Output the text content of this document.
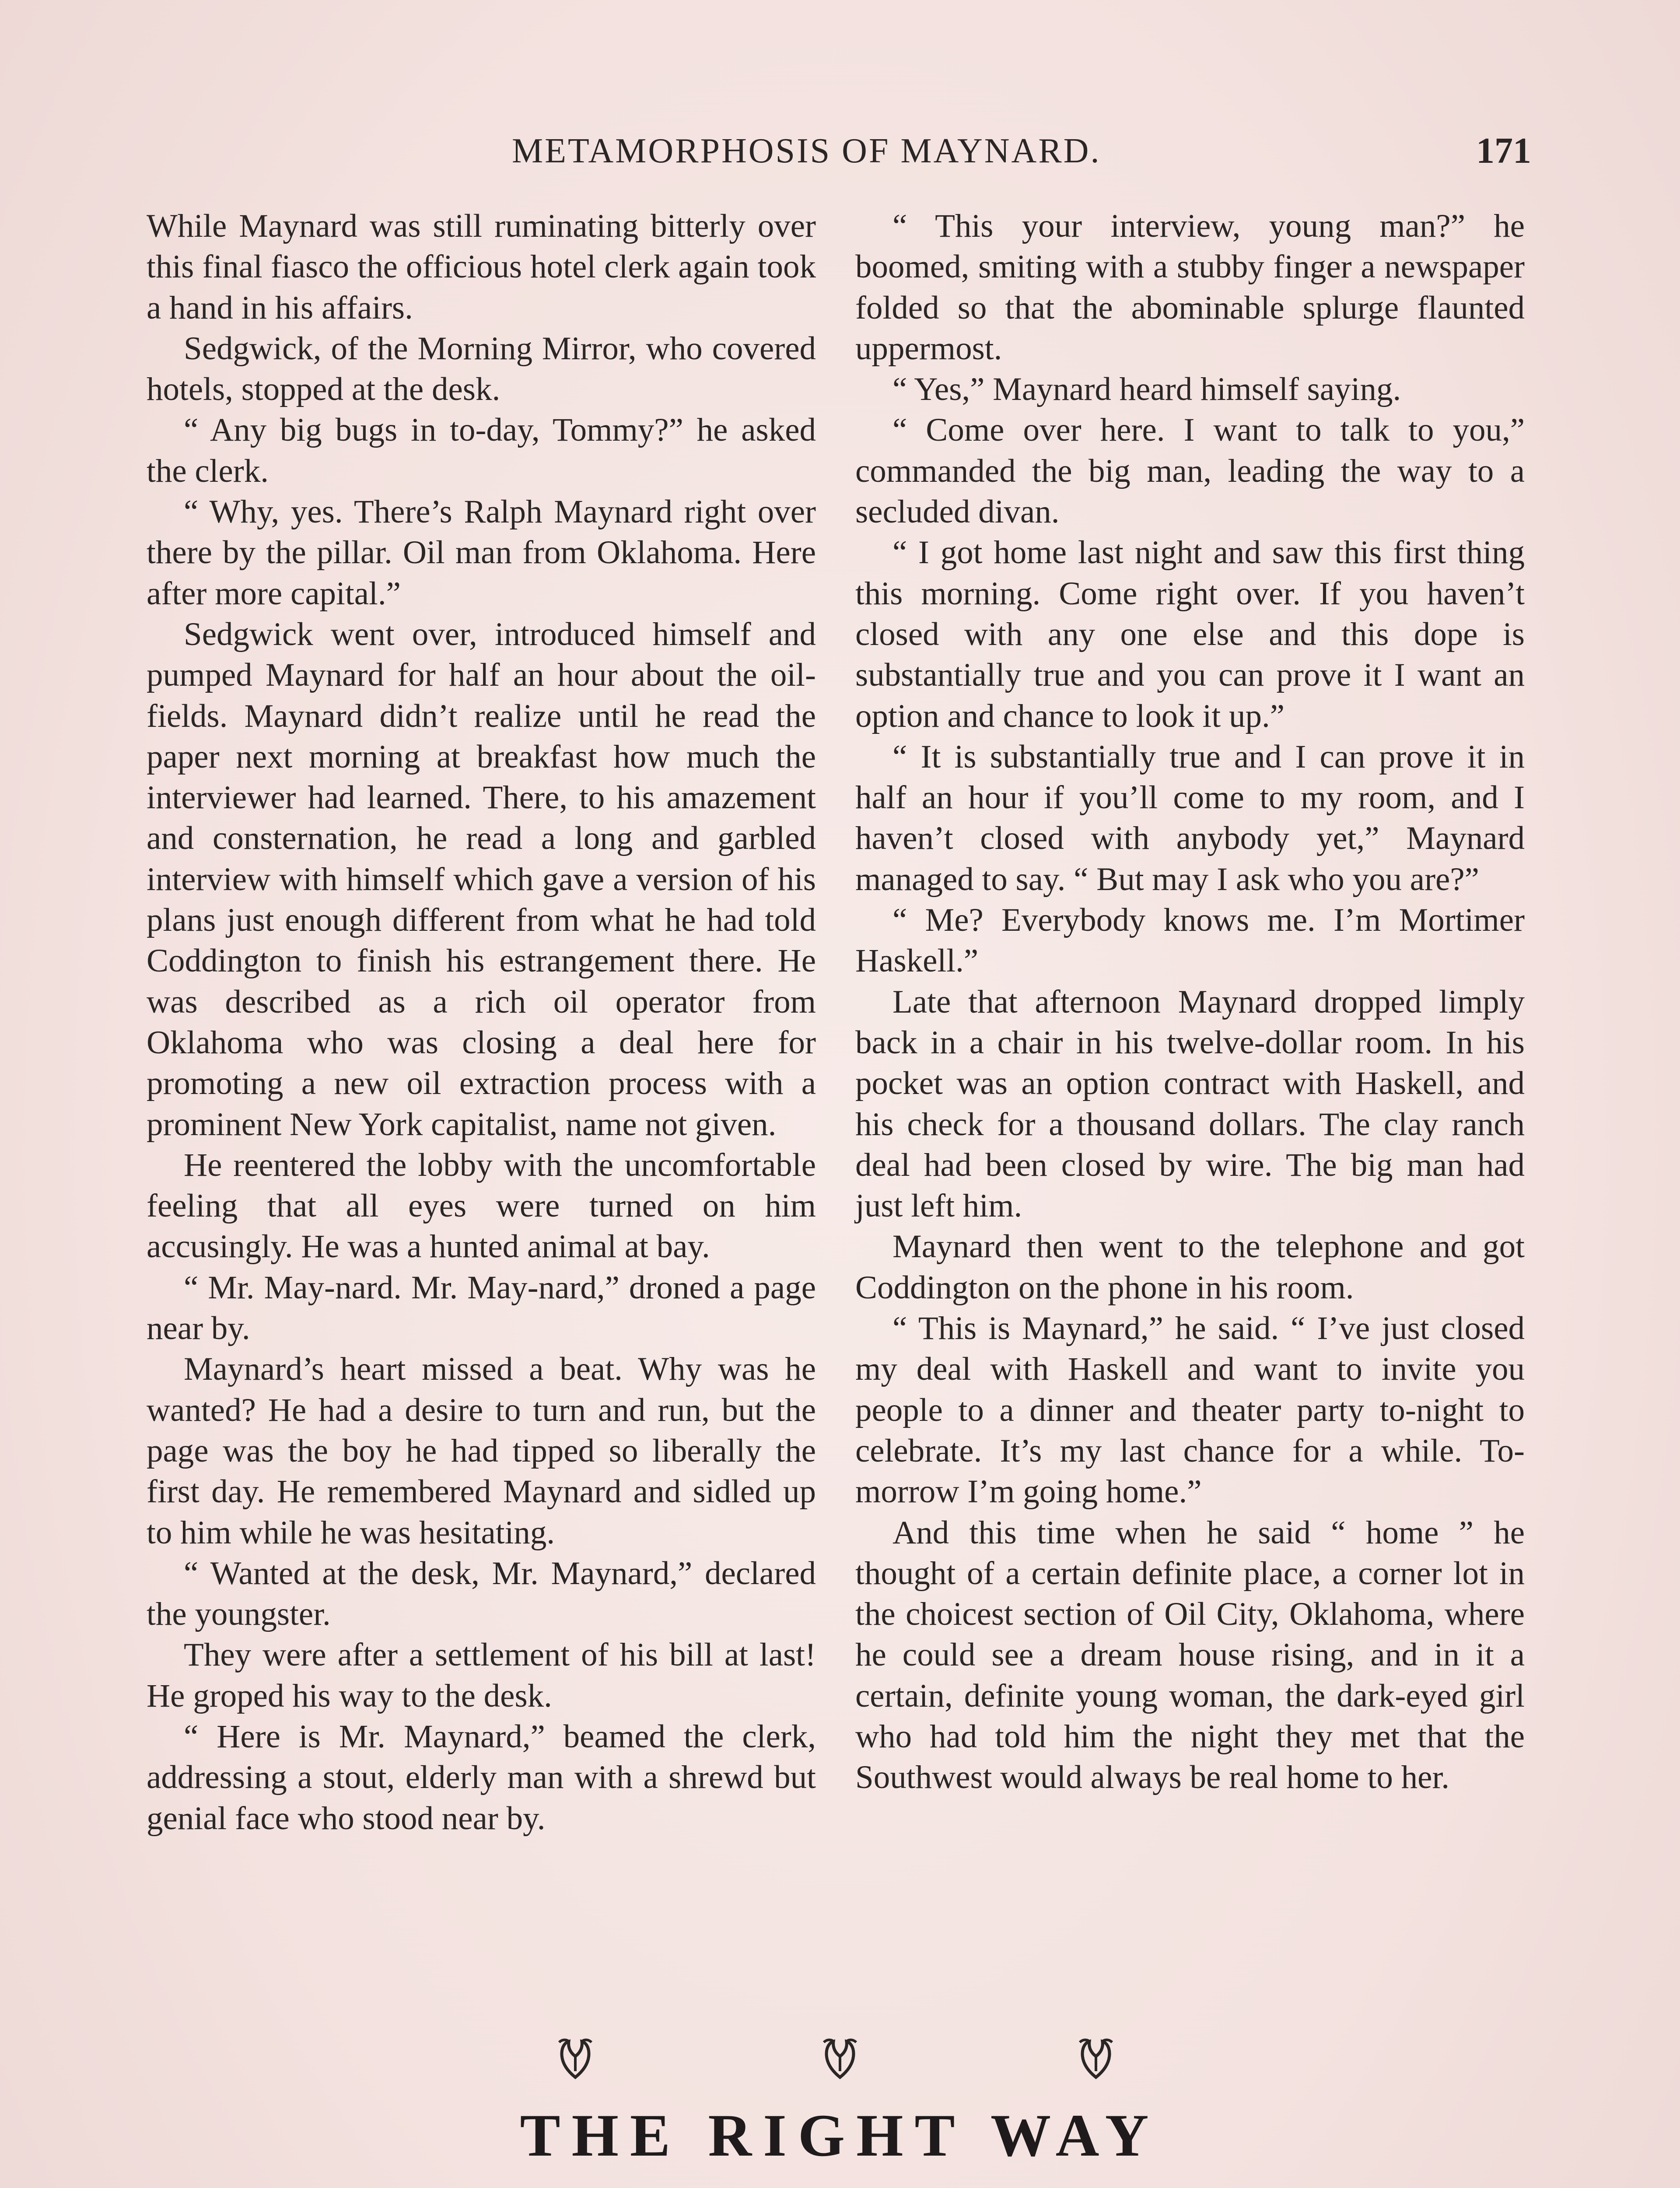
METAMORPHOSIS OF MAYNARD.	171

While Maynard was still ruminating bitterly over this final fiasco the officious hotel clerk again took a hand in his affairs.

Sedgwick, of the Morning Mirror, who covered hotels, stopped at the desk.

“ Any big bugs in to-day, Tommy?” he asked the clerk.

“ Why, yes. There’s Ralph Maynard right over there by the pillar. Oil man from Oklahoma. Here after more capital.”

Sedgwick went over, introduced himself and pumped Maynard for half an hour about the oil-fields. Maynard didn’t realize until he read the paper next morning at breakfast how much the interviewer had learned. There, to his amazement and consternation, he read a long and garbled interview with himself which gave a version of his plans just enough different from what he had told Coddington to finish his estrangement there. He was described as a rich oil operator from Oklahoma who was closing a deal here for promoting a new oil extraction process with a prominent New York capitalist, name not given.

He reentered the lobby with the uncomfortable feeling that all eyes were turned on him accusingly. He was a hunted animal at bay.

“ Mr. May-nard. Mr. May-nard,” droned a page near by.

Maynard’s heart missed a beat. Why was he wanted? He had a desire to turn and run, but the page was the boy he had tipped so liberally the first day. He remembered Maynard and sidled up to him while he was hesitating.

“ Wanted at the desk, Mr. Maynard,” declared the youngster.

They were after a settlement of his bill at last! He groped his way to the desk.

“ Here is Mr. Maynard,” beamed the clerk, addressing a stout, elderly man with a shrewd but genial face who stood near by.

“ This your interview, young man?” he boomed, smiting with a stubby finger a newspaper folded so that the abominable splurge flaunted uppermost.

“ Yes,” Maynard heard himself saying.

“ Come over here. I want to talk to you,” commanded the big man, leading the way to a secluded divan.

“ I got home last night and saw this first thing this morning. Come right over. If you haven’t closed with any one else and this dope is substantially true and you can prove it I want an option and chance to look it up.”

“ It is substantially true and I can prove it in half an hour if you’ll come to my room, and I haven’t closed with anybody yet,” Maynard managed to say. “ But may I ask who you are?”

“ Me? Everybody knows me. I’m Mortimer Haskell.”

Late that afternoon Maynard dropped limply back in a chair in his twelve-dollar room. In his pocket was an option contract with Haskell, and his check for a thousand dollars. The clay ranch deal had been closed by wire. The big man had just left him.

Maynard then went to the telephone and got Coddington on the phone in his room.

“ This is Maynard,” he said. “ I’ve just closed my deal with Haskell and want to invite you people to a dinner and theater party to-night to celebrate. It’s my last chance for a while. To-morrow I’m going home.”

And this time when he said “ home ” he thought of a certain definite place, a corner lot in the choicest section of Oil City, Oklahoma, where he could see a dream house rising, and in it a certain, definite young woman, the dark-eyed girl who had told him the night they met that the Southwest would always be real home to her.

THE RIGHT WAY
